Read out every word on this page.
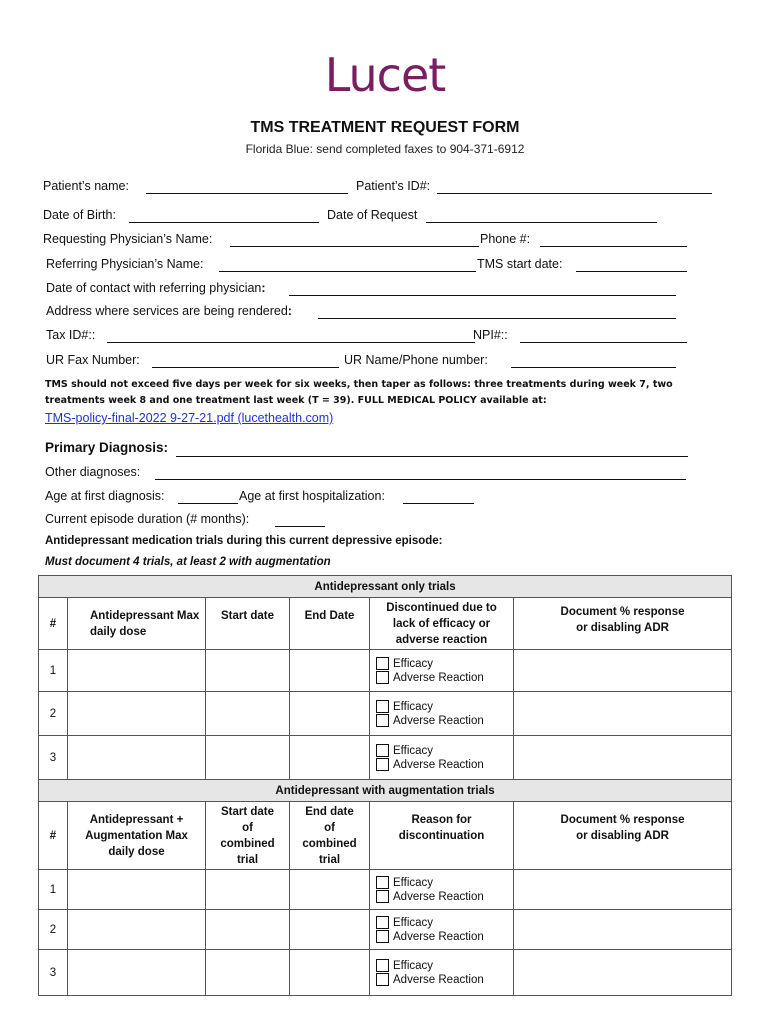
Lucet
TMS TREATMENT REQUEST FORM
Florida Blue: send completed faxes to 904-371-6912
Patient’s name:	Patient’s ID#:
Date of Birth:	Date of Request
Requesting Physician’s Name:	Phone #:
Referring Physician’s Name:	TMS start date:
Date of contact with referring physician:
Address where services are being rendered:
Tax ID#::	NPI#::
UR Fax Number:	UR Name/Phone number:
TMS should not exceed five days per week for six weeks, then taper as follows: three treatments during week 7, two treatments week 8 and one treatment last week (T = 39). FULL MEDICAL POLICY available at:
TMS-policy-final-2022 9-27-21.pdf (lucethealth.com)
Primary Diagnosis:
Other diagnoses:
Age at first diagnosis:	Age at first hospitalization:
Current episode duration (# months):
Antidepressant medication trials during this current depressive episode:
Must document 4 trials, at least 2 with augmentation
Antidepressant only trials					
#	Antidepressant Max daily dose	Start date	End Date	Discontinued due to lack of efficacy or adverse reaction	Document % response or disabling ADR
1				Efficacy
Adverse Reaction	

2				Efficacy
Adverse Reaction	

3				Efficacy
Adverse Reaction	

Antidepressant with augmentation trials					
#	Antidepressant + Augmentation Max daily dose	Start date of combined trial	End date of combined trial	Reason for discontinuation	Document % response or disabling ADR
1				Efficacy
Adverse Reaction	

2				Efficacy
Adverse Reaction	

3				Efficacy
Adverse Reaction	
